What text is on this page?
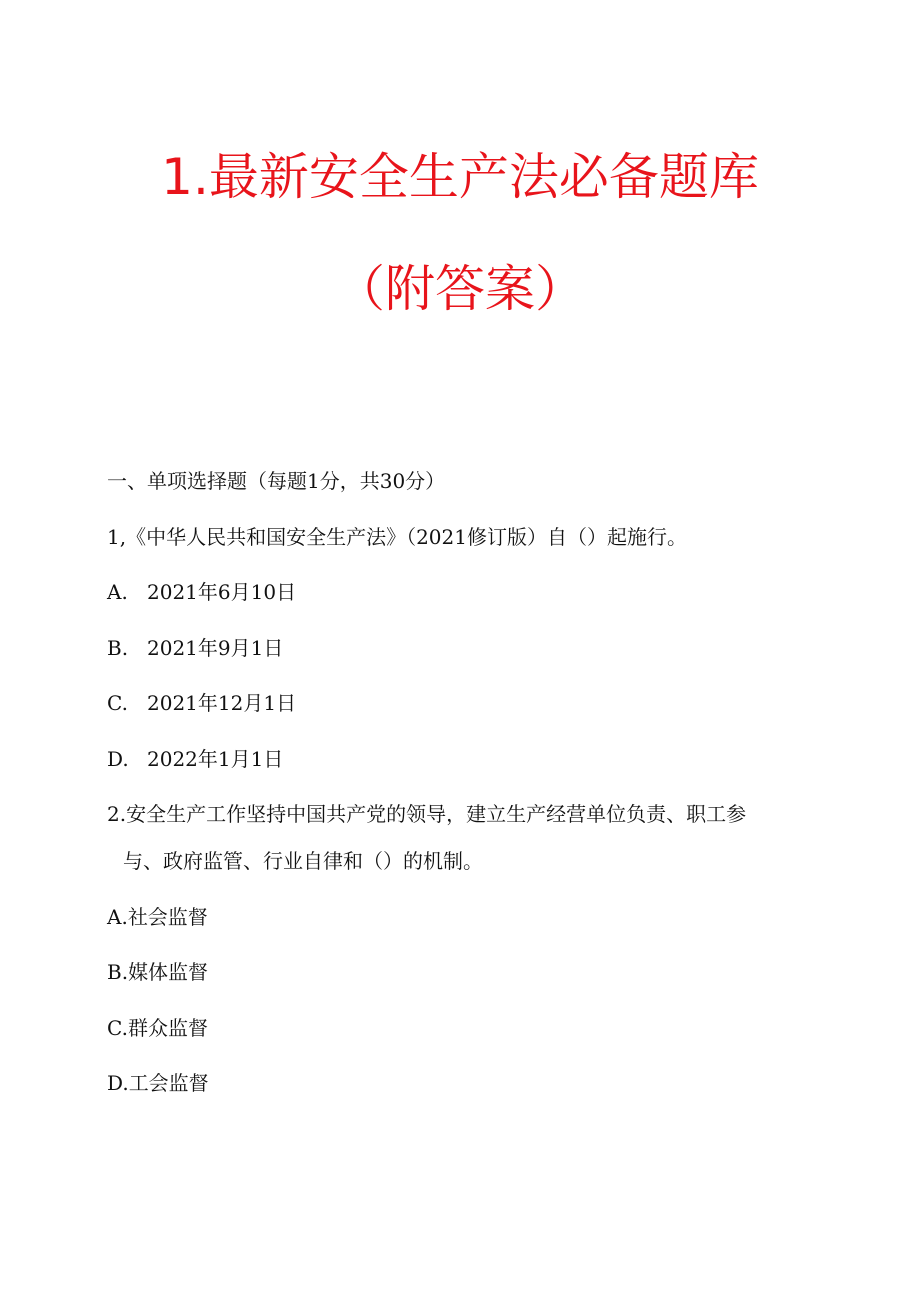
1.最新安全生产法必备题库
（附答案）
一、单项选择题（每题1分，共30分）
1,《中华人民共和国安全生产法》（2021修订版）自（）起施行。
A. 2021年6月10日
B. 2021年9月1日
C. 2021年12月1日
D. 2022年1月1日
2.安全生产工作坚持中国共产党的领导，建立生产经营单位负责、职工参
与、政府监管、行业自律和（）的机制。
A.社会监督
B.媒体监督
C.群众监督
D.工会监督
